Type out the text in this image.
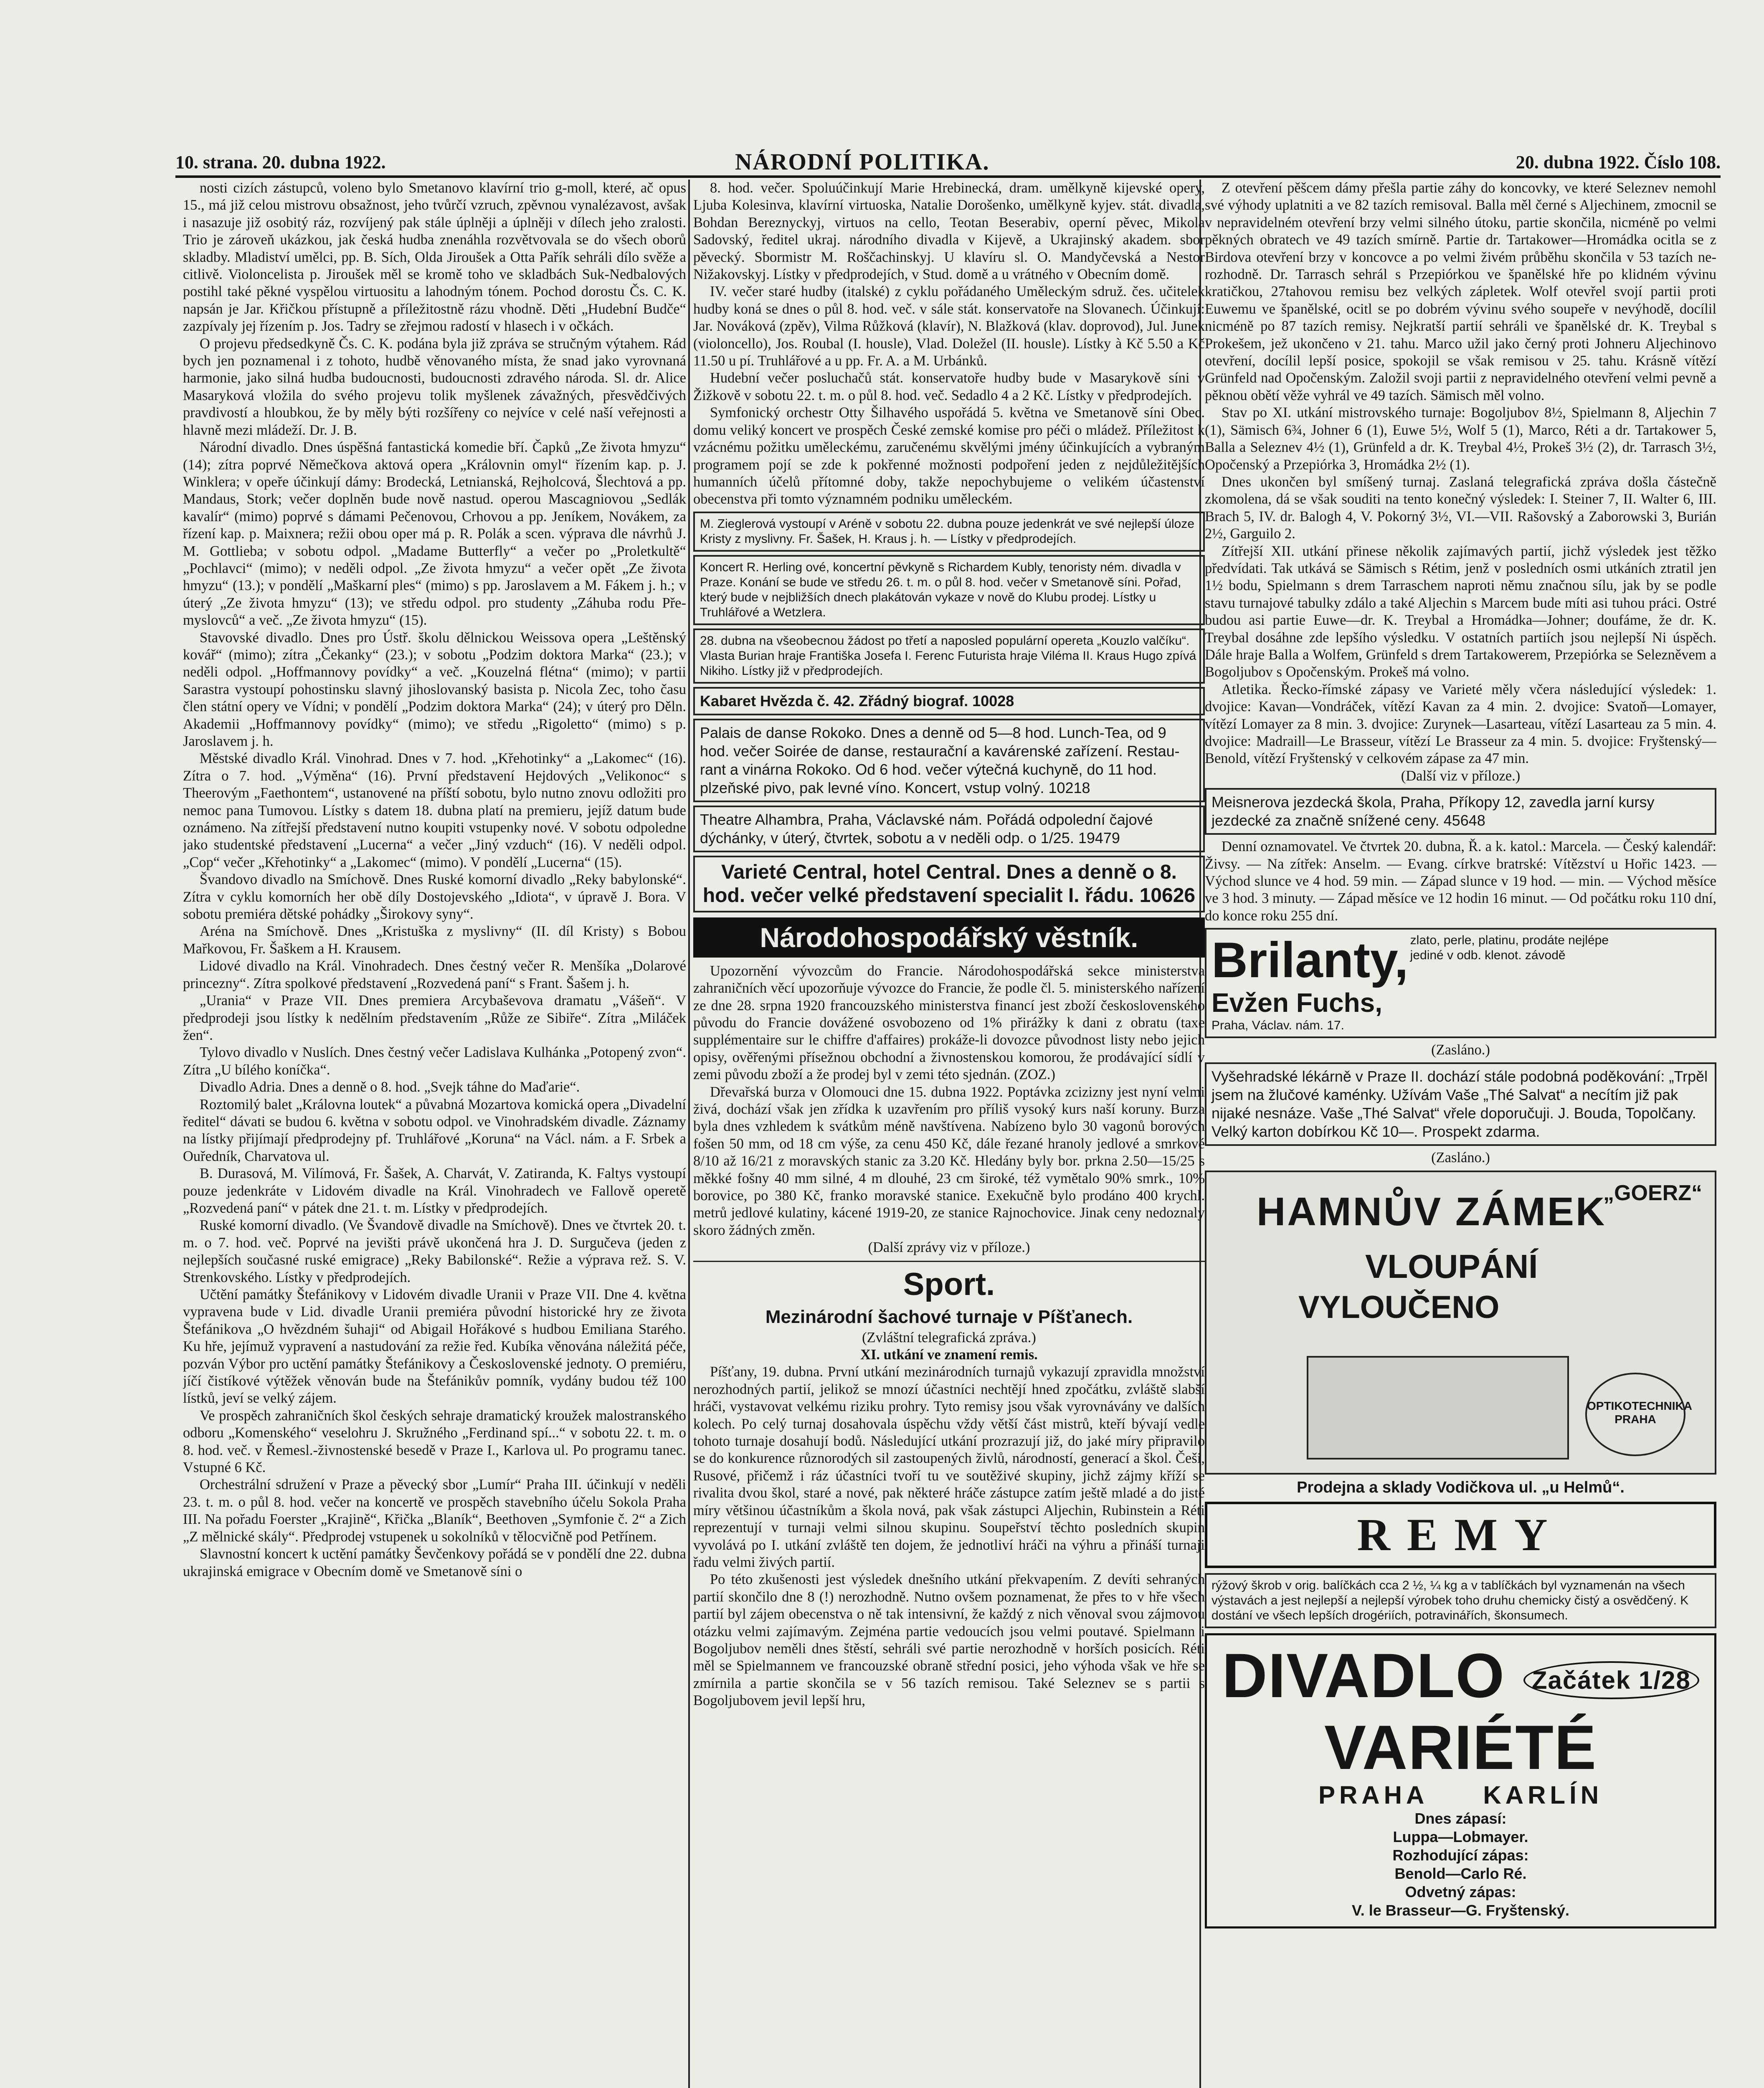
10. strana. 20. dubna 1922.	NÁRODNÍ POLITIKA.	20. dubna 1922. Číslo 108.

nosti cizích zástupců, voleno bylo Smetanovo klavírní trio g-moll, které, ač opus 15., má již celou mistrovu obsažnost, jeho tvůrčí vzruch, zpěvnou vynalézavost, avšak i nasazuje již osobitý ráz, rozvíjený pak stále úplněji a úplněji v dílech jeho zralosti. Trio je zároveň ukázkou, jak česká hudba znenáhla rozvětvovala se do všech oborů skladby. Mladiství umělci, pp. B. Sích, Olda Jiroušek a Otta Pařík sehráli dílo svěže a citlivě. Violoncelista p. Jiroušek měl se kromě toho ve skladbách Suk-Nedbalových postihl také pěkné vyspělou virtuositu a lahodným tónem. Pochod dorostu Čs. C. K. napsán je Jar. Křičkou přístupně a příležitostně rázu vhodně. Děti „Hudební Budče“ zazpívaly jej řízením p. Jos. Tadry se zřejmou radostí v hlasech i v očkách.

O projevu předsedkyně Čs. C. K. podána byla již zpráva se stručným výtahem. Rád bych jen poznamenal i z tohoto, hudbě věnovaného místa, že snad jako vyrovnaná harmonie, jako silná hudba budoucnosti, budoucnosti zdravého národa. Sl. dr. Alice Masaryková vložila do svého projevu tolik myšlenek závažných, přesvědčivých pravdivostí a hloubkou, že by měly býti rozšířeny co nejvíce v celé naší veřejnosti a hlavně mezi mládeží. Dr. J. B.

Národní divadlo. Dnes úspěšná fantastická komedie bří. Čapků „Ze života hmyzu“ (14); zítra poprvé Němečkova aktová opera „Královnin omyl“ řízením kap. p. J. Winklera; v opeře účinkují dámy: Brodecká, Letnianská, Rejholcová, Šlechtová a pp. Mandaus, Stork; večer doplněn bude nově nastud. operou Mascagniovou „Sedlák kavalír“ (mimo) poprvé s dámami Pečenovou, Crhovou a pp. Jeníkem, Novákem, za řízení kap. p. Maixnera; režii obou oper má p. R. Polák a scen. výprava dle návrhů J. M. Gottlieba; v sobotu odpol. „Madame Butterfly“ a večer po „Proletkultě“ „Pochlavci“ (mimo); v neděli odpol. „Ze života hmyzu“ a večer opět „Ze života hmyzu“ (13.); v pondělí „Maškarní ples“ (mimo) s pp. Jaroslavem a M. Fákem j. h.; v úterý „Ze života hmyzu“ (13); ve středu odpol. pro studenty „Záhuba rodu Přemyslovců“ a več. „Ze života hmyzu“ (15).

Stavovské divadlo. Dnes pro Ústř. školu dělnickou Weissova opera „Leštěnský kovář“ (mimo); zítra „Čekanky“ (23.); v sobotu „Podzim doktora Marka“ (23.); v neděli odpol. „Hoffmannovy povídky“ a več. „Kouzelná flétna“ (mimo); v partii Sarastra vystoupí pohostinsku slavný jihoslovanský basista p. Nicola Zec, toho času člen státní opery ve Vídni; v pondělí „Podzim doktora Marka“ (24); v úterý pro Děln. Akademii „Hoffmannovy povídky“ (mimo); ve středu „Rigoletto“ (mimo) s p. Jaroslavem j. h.

Městské divadlo Král. Vinohrad. Dnes v 7. hod. „Křehotinky“ a „Lakomec“ (16). Zítra o 7. hod. „Výměna“ (16). První představení Hejdových „Velikonoc“ s Theerovým „Faethontem“, ustanovené na příští sobotu, bylo nutno znovu odložiti pro nemoc pana Tumovou. Lístky s datem 18. dubna platí na premieru, jejíž datum bude oznámeno. Na zítřejší představení nutno koupiti vstupenky nové. V sobotu odpoledne jako studentské představení „Lucerna“ a večer „Jiný vzduch“ (16). V neděli odpol. „Cop“ večer „Křehotinky“ a „Lakomec“ (mimo). V pondělí „Lucerna“ (15).

Švandovo divadlo na Smíchově. Dnes Ruské komorní divadlo „Reky babylonské“. Zítra v cyklu komorních her obě díly Dostojevského „Idiota“, v úpravě J. Bora. V sobotu premiéra dětské pohádky „Širokovy syny“.

Aréna na Smíchově. Dnes „Kristuška z myslivny“ (II. díl Kristy) s Bobou Mařkovou, Fr. Šaškem a H. Krausem.

Lidové divadlo na Král. Vinohradech. Dnes čestný večer R. Menšíka „Dolarové princezny“. Zítra spolkové představení „Rozvedená paní“ s Frant. Šašem j. h.

„Urania“ v Praze VII. Dnes premiera Arcybaševova dramatu „Vášeň“. V předprodeji jsou lístky k nedělním představením „Růže ze Sibiře“. Zítra „Miláček žen“.

Tylovo divadlo v Nuslích. Dnes čestný večer Ladislava Kulhánka „Potopený zvon“. Zítra „U bílého koníčka“.

Divadlo Adria. Dnes a denně o 8. hod. „Svejk táhne do Maďarie“.

Roztomilý balet „Královna loutek“ a půvabná Mozartova komická opera „Divadelní ředitel“ dávati se budou 6. května v sobotu odpol. ve Vinohradském divadle. Záznamy na lístky přijímají předprodejny pf. Truhlářové „Koruna“ na Václ. nám. a F. Srbek a Ouředník, Charvatova ul.

B. Durasová, M. Vilímová, Fr. Šašek, A. Charvát, V. Zatiranda, K. Faltys vystoupí pouze jedenkráte v Lidovém divadle na Král. Vinohradech ve Fallově operetě „Rozvedená paní“ v pátek dne 21. t. m. Lístky v předprodejích.

Ruské komorní divadlo. (Ve Švandově divadle na Smíchově). Dnes ve čtvrtek 20. t. m. o 7. hod. več. Poprvé na jevišti právě ukončená hra J. D. Surgučeva (jeden z nejlepších současné ruské emigrace) „Reky Babilonské“. Režie a výprava rež. S. V. Strenkovského. Lístky v předprodejích.

Učtění památky Štefánikovy v Lidovém divadle Uranii v Praze VII. Dne 4. května vypravena bude v Lid. divadle Uranii premiéra původní historické hry ze života Štefánikova „O hvězdném šuhaji“ od Abigail Hořákové s hudbou Emiliana Starého. Ku hře, jejímuž vypravení a nastudování za režie řed. Kubíka věnována náležitá péče, pozván Výbor pro uctění památky Štefánikovy a Československé jednoty. O premiéru, jíčí čistíkové výtěžek věnován bude na Štefánikův pomník, vydány budou též 100 lístků, jeví se velký zájem.

Ve prospěch zahraničních škol českých sehraje dramatický kroužek malostranského odboru „Komenského“ veselohru J. Skružného „Ferdinand spí...“ v sobotu 22. t. m. o 8. hod. več. v Řemesl.-živnostenské besedě v Praze I., Karlova ul. Po programu tanec. Vstupné 6 Kč.

Orchestrální sdružení v Praze a pěvecký sbor „Lumír“ Praha III. účinkují v neděli 23. t. m. o půl 8. hod. večer na koncertě ve prospěch stavebního účelu Sokola Praha III. Na pořadu Foerster „Krajině“, Křička „Blaník“, Beethoven „Symfonie č. 2“ a Zich „Z mělnické skály“. Předprodej vstupenek u sokolníků v tělocvičně pod Petřínem.

Slavnostní koncert k uctění památky Ševčenkovy pořádá se v pondělí dne 22. dubna ukrajinská emigrace v Obecním domě ve Smetanově síni o

8. hod. večer. Spoluúčinkují Marie Hrebinecká, dram. umělkyně kijevské opery, Ljuba Kolesinva, klavírní virtuoska, Natalie Dorošenko, umělkyně kyjev. stát. divadla, Bohdan Bereznyckyj, virtuos na cello, Teotan Beserabiv, operní pěvec, Mikola Sadovský, ředitel ukraj. národního divadla v Kijevě, a Ukrajinský akadem. sbor pěvecký. Sbormistr M. Roščachinskyj. U klavíru sl. O. Mandyčevská a Nestor Nižakovskyj. Lístky v předprodejích, v Stud. domě a u vrátného v Obecním domě.

IV. večer staré hudby (italské) z cyklu pořádaného Uměleckým sdruž. čes. učitelek hudby koná se dnes o půl 8. hod. več. v sále stát. konservatoře na Slovanech. Účinkují: Jar. Nováková (zpěv), Vilma Růžková (klavír), N. Blažková (klav. doprovod), Jul. Junek (violoncello), Jos. Roubal (I. housle), Vlad. Doležel (II. housle). Lístky à Kč 5.50 a Kč 11.50 u pí. Truhlářové a u pp. Fr. A. a M. Urbánků.

Hudební večer posluchačů stát. konservatoře hudby bude v Masarykově síni v Žižkově v sobotu 22. t. m. o půl 8. hod. več. Sedadlo 4 a 2 Kč. Lístky v předprodejích.

Symfonický orchestr Otty Šilhavého uspořádá 5. května ve Smetanově síni Obec. domu veliký koncert ve prospěch České zemské komise pro péči o mládež. Příležitost k vzácnému požitku uměleckému, zaručenému skvělými jmény účinkujících a vybraným programem pojí se zde k pokřenné možnosti podpoření jeden z nejdůležitějších humanních účelů přítomné doby, takže nepochybujeme o velikém účastenství obecenstva při tomto významném podniku uměleckém.

M. Zieglerová vystoupí v Aréně v sobotu 22. dubna pouze jedenkrát ve své nejlepší úloze Kristy z myslivny. Fr. Šašek, H. Kraus j. h. — Lístky v předprodejích.
Koncert R. Herling ové, koncertní pěvkyně s Richardem Kubly, tenoristy ném. divadla v Praze. Konání se bude ve středu 26. t. m. o půl 8. hod. večer v Smetanově síni. Pořad, který bude v nejbližších dnech plakátován vykaze v nově do Klubu prodej. Lístky u Truhlářové a Wetzlera.
28. dubna na všeobecnou žádost po třetí a naposled populární opereta „Kouzlo valčíku“. Vlasta Burian hraje Františka Josefa I. Ferenc Futurista hraje Viléma II. Kraus Hugo zpívá Nikiho. Lístky již v předprodejích.
Kabaret Hvězda č. 42. Zřádný biograf. 10028
Palais de danse Rokoko. Dnes a denně od 5—8 hod. Lunch-Tea, od 9 hod. večer Soirée de danse, restaurační a kavárenské zařízení. Restaurant a vinárna Rokoko. Od 6 hod. večer výtečná kuchyně, do 11 hod. plzeňské pivo, pak levné víno. Koncert, vstup volný. 10218
Theatre Alhambra, Praha, Václavské nám. Pořádá odpolední čajové dýchánky, v úterý, čtvrtek, sobotu a v neděli odp. o 1/25. 19479
Varieté Central, hotel Central. Dnes a denně o 8. hod. večer velké představení specialit I. řádu. 10626
Národohospodářský věstník.

Upozornění vývozcům do Francie. Národohospodářská sekce ministerstva zahraničních věcí upozorňuje vývozce do Francie, že podle čl. 5. ministerského nařízení ze dne 28. srpna 1920 francouzského ministerstva financí jest zboží československého původu do Francie dovážené osvobozeno od 1% přirážky k dani z obratu (taxe supplémentaire sur le chiffre d'affaires) prokáže-li dovozce původnost listy nebo jejich opisy, ověřenými přísežnou obchodní a živnostenskou komorou, že prodávající sídlí v zemi původu zboží a že prodej byl v zemi této sjednán. (ZOZ.)

Dřevařská burza v Olomouci dne 15. dubna 1922. Poptávka zcizizny jest nyní velmi živá, dochází však jen zřídka k uzavřením pro příliš vysoký kurs naší koruny. Burza byla dnes vzhledem k svátkům méně navštívena. Nabízeno bylo 30 vagonů borových fošen 50 mm, od 18 cm výše, za cenu 450 Kč, dále řezané hranoly jedlové a smrkové 8/10 až 16/21 z moravských stanic za 3.20 Kč. Hledány byly bor. prkna 2.50—15/25 s měkké fošny 40 mm silné, 4 m dlouhé, 23 cm široké, též vymětalo 90% smrk., 10% borovice, po 380 Kč, franko moravské stanice. Exekučně bylo prodáno 400 krychl. metrů jedlové kulatiny, kácené 1919-20, ze stanice Rajnochovice. Jinak ceny nedoznaly skoro žádných změn.

(Další zprávy viz v příloze.)

Sport.
Mezinárodní šachové turnaje v Píšťanech.

(Zvláštní telegrafická zpráva.)

XI. utkání ve znamení remis.

Píšťany, 19. dubna. První utkání mezinárodních turnajů vykazují zpravidla množství nerozhodných partií, jelikož se mnozí účastníci nechtějí hned zpočátku, zvláště slabší hráči, vystavovat velkému riziku prohry. Tyto remisy jsou však vyrovnávány ve dalších kolech. Po celý turnaj dosahovala úspěchu vždy větší část mistrů, kteří bývají vedle tohoto turnaje dosahují bodů. Následující utkání prozrazují již, do jaké míry připravilo se do konkurence různorodých sil zastoupených živlů, národností, generací a škol. Češi, Rusové, přičemž i ráz účastníci tvoří tu ve soutěživé skupiny, jichž zájmy kříží se rivalita dvou škol, staré a nové, pak některé hráče zástupce zatím ještě mladé a do jisté míry většinou účastníkům a škola nová, pak však zástupci Aljechin, Rubinstein a Réti reprezentují v turnaji velmi silnou skupinu. Soupeřství těchto posledních skupin vyvolává po I. utkání zvláště ten dojem, že jednotliví hráči na výhru a přináší turnaji řadu velmi živých partií.

Po této zkušenosti jest výsledek dnešního utkání překvapením. Z devíti sehraných partií skončilo dne 8 (!) nerozhodně. Nutno ovšem poznamenat, že přes to v hře všech partií byl zájem obecenstva o ně tak intensivní, že každý z nich věnoval svou zájmovou otázku velmi zajímavým. Zejména partie vedoucích jsou velmi poutavé. Spielmann i Bogoljubov neměli dnes štěstí, sehráli své partie nerozhodně v horších posicích. Réti měl se Spielmannem ve francouzské obraně střední posici, jeho výhoda však ve hře se zmírnila a partie skončila se v 56 tazích remisou. Také Seleznev se s partii s Bogoljubovem jevil lepší hru,

Z otevření pěšcem dámy přešla partie záhy do koncovky, ve které Seleznev nemohl své výhody uplatniti a ve 82 tazích remisoval. Balla měl černé s Aljechinem, zmocnil se v nepravidelném otevření brzy velmi silného útoku, partie skončila, nicméně po velmi pěkných obratech ve 49 tazích smírně. Partie dr. Tartakower—Hromádka ocitla se z Birdova otevření brzy v koncovce a po velmi živém průběhu skončila v 53 tazích nerozhodně. Dr. Tarrasch sehrál s Przepiórkou ve španělské hře po klidném vývinu kratičkou, 27tahovou remisu bez velkých zápletek. Wolf otevřel svojí partii proti Euwemu ve španělské, ocitl se po dobrém vývinu svého soupeře v nevýhodě, docílil nicméně po 87 tazích remisy. Nejkratší partií sehráli ve španělské dr. K. Treybal s Prokešem, jež ukončeno v 21. tahu. Marco užil jako černý proti Johneru Aljechinovo otevření, docílil lepší posice, spokojil se však remisou v 25. tahu. Krásně vítězí Grünfeld nad Opočenským. Založil svoji partii z nepravidelného otevření velmi pevně a pěknou obětí věže vyhrál ve 49 tazích. Sämisch měl volno.

Stav po XI. utkání mistrovského turnaje: Bogoljubov 8½, Spielmann 8, Aljechin 7 (1), Sämisch 6¾, Johner 6 (1), Euwe 5½, Wolf 5 (1), Marco, Réti a dr. Tartakower 5, Balla a Seleznev 4½ (1), Grünfeld a dr. K. Treybal 4½, Prokeš 3½ (2), dr. Tarrasch 3½, Opočenský a Przepiórka 3, Hromádka 2½ (1).

Dnes ukončen byl smíšený turnaj. Zaslaná telegrafická zpráva došla částečně zkomolena, dá se však souditi na tento konečný výsledek: I. Steiner 7, II. Walter 6, III. Brach 5, IV. dr. Balogh 4, V. Pokorný 3½, VI.—VII. Rašovský a Zaborowski 3, Burián 2½, Garguilo 2.

Zítřejší XII. utkání přinese několik zajímavých partií, jichž výsledek jest těžko předvídati. Tak utkává se Sämisch s Rétim, jenž v posledních osmi utkáních ztratil jen 1½ bodu, Spielmann s drem Tarraschem naproti němu značnou sílu, jak by se podle stavu turnajové tabulky zdálo a také Aljechin s Marcem bude míti asi tuhou práci. Ostré budou asi partie Euwe—dr. K. Treybal a Hromádka—Johner; doufáme, že dr. K. Treybal dosáhne zde lepšího výsledku. V ostatních partiích jsou nejlepší Ni úspěch. Dále hraje Balla a Wolfem, Grünfeld s drem Tartakowerem, Przepiórka se Selezněvem a Bogoljubov s Opočenským. Prokeš má volno.

Atletika. Řecko-římské zápasy ve Varieté měly včera následující výsledek: 1. dvojice: Kavan—Vondráček, vítězí Kavan za 4 min. 2. dvojice: Svatoň—Lomayer, vítězí Lomayer za 8 min. 3. dvojice: Zurynek—Lasarteau, vítězí Lasarteau za 5 min. 4. dvojice: Madraill—Le Brasseur, vítězí Le Brasseur za 4 min. 5. dvojice: Fryštenský—Benold, vítězí Fryštenský v celkovém zápase za 47 min.

(Další viz v příloze.)

Meisnerova jezdecká škola, Praha, Příkopy 12, zavedla jarní kursy jezdecké za značně snížené ceny. 45648

Denní oznamovatel. Ve čtvrtek 20. dubna, Ř. a k. katol.: Marcela. — Český kalendář: Živsy. — Na zítřek: Anselm. — Evang. církve bratrské: Vítězství u Hořic 1423. — Východ slunce ve 4 hod. 59 min. — Západ slunce v 19 hod. — min. — Východ měsíce ve 3 hod. 3 minuty. — Západ měsíce ve 12 hodin 16 minut. — Od počátku roku 110 dní, do konce roku 255 dní.

Brilanty, zlato, perle, platinu, prodáte nejlépe jediné v odb. klenot. závodě
Evžen Fuchs,
Praha, Václav. nám. 17.

(Zasláno.)

Vyšehradské lékárně v Praze II. dochází stále podobná poděkování: „Trpěl jsem na žlučové kaménky. Užívám Vaše „Thé Salvat“ a necítím již pak nijaké nesnáze. Vaše „Thé Salvat“ vřele doporučuji. J. Bouda, Topolčany. Velký karton dobírkou Kč 10—. Prospekt zdarma.

(Zasláno.)

HAMNŮV ZÁMEK
„GOERZ“
VLOUPÁNÍ
VYLOUČENO
OPTIKOTECHNIKA PRAHA
Prodejna a sklady Vodičkova ul. „u Helmů“.
REMY
rýžový škrob v orig. balíčkách cca 2 ½, ¼ kg a v tablíčkách byl vyznamenán na všech výstavách a jest nejlepší a nejlepší výrobek toho druhu chemicky čistý a osvědčený. K dostání ve všech lepších drogériích, potravinářích, škonsumech.
DIVADLO Začátek 1/28 VARIÉTÉ
PRAHA KARLÍN
Dnes zápasí:
Luppa—Lobmayer.
Rozhodující zápas:
Benold—Carlo Ré.
Odvetný zápas:
V. le Brasseur—G. Fryštenský.
